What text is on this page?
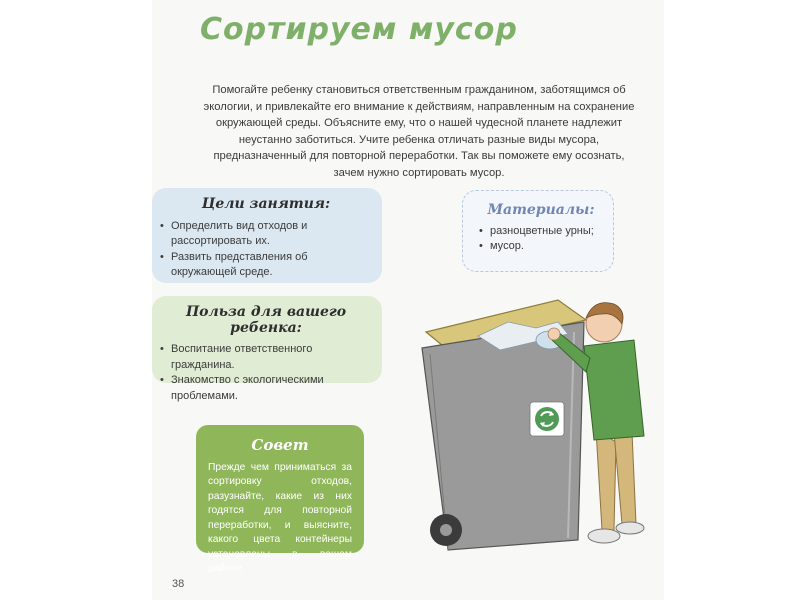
Сортируем мусор

Помогайте ребенку становиться ответственным гражданином, заботящимся об экологии, и привлекайте его внимание к действиям, направленным на сохранение окружающей среды. Объясните ему, что о нашей чудесной планете надлежит неустанно заботиться. Учите ребенка отличать разные виды мусора, предназначенный для повторной переработки. Так вы поможете ему осознать, зачем нужно сортировать мусор.

Цели занятия:
• Определить вид отходов и рассортировать их.
• Развить представления об окружающей среде.
Материалы:
• разноцветные урны;
• мусор.
Польза для вашего ребенка:
• Воспитание ответственного гражданина.
• Знакомство с экологическими проблемами.
Совет

Прежде чем приниматься за сортировку отходов, разузнайте, какие из них годятся для повторной переработки, и выясните, какого цвета контейнеры установлены в вашем районе.

38
